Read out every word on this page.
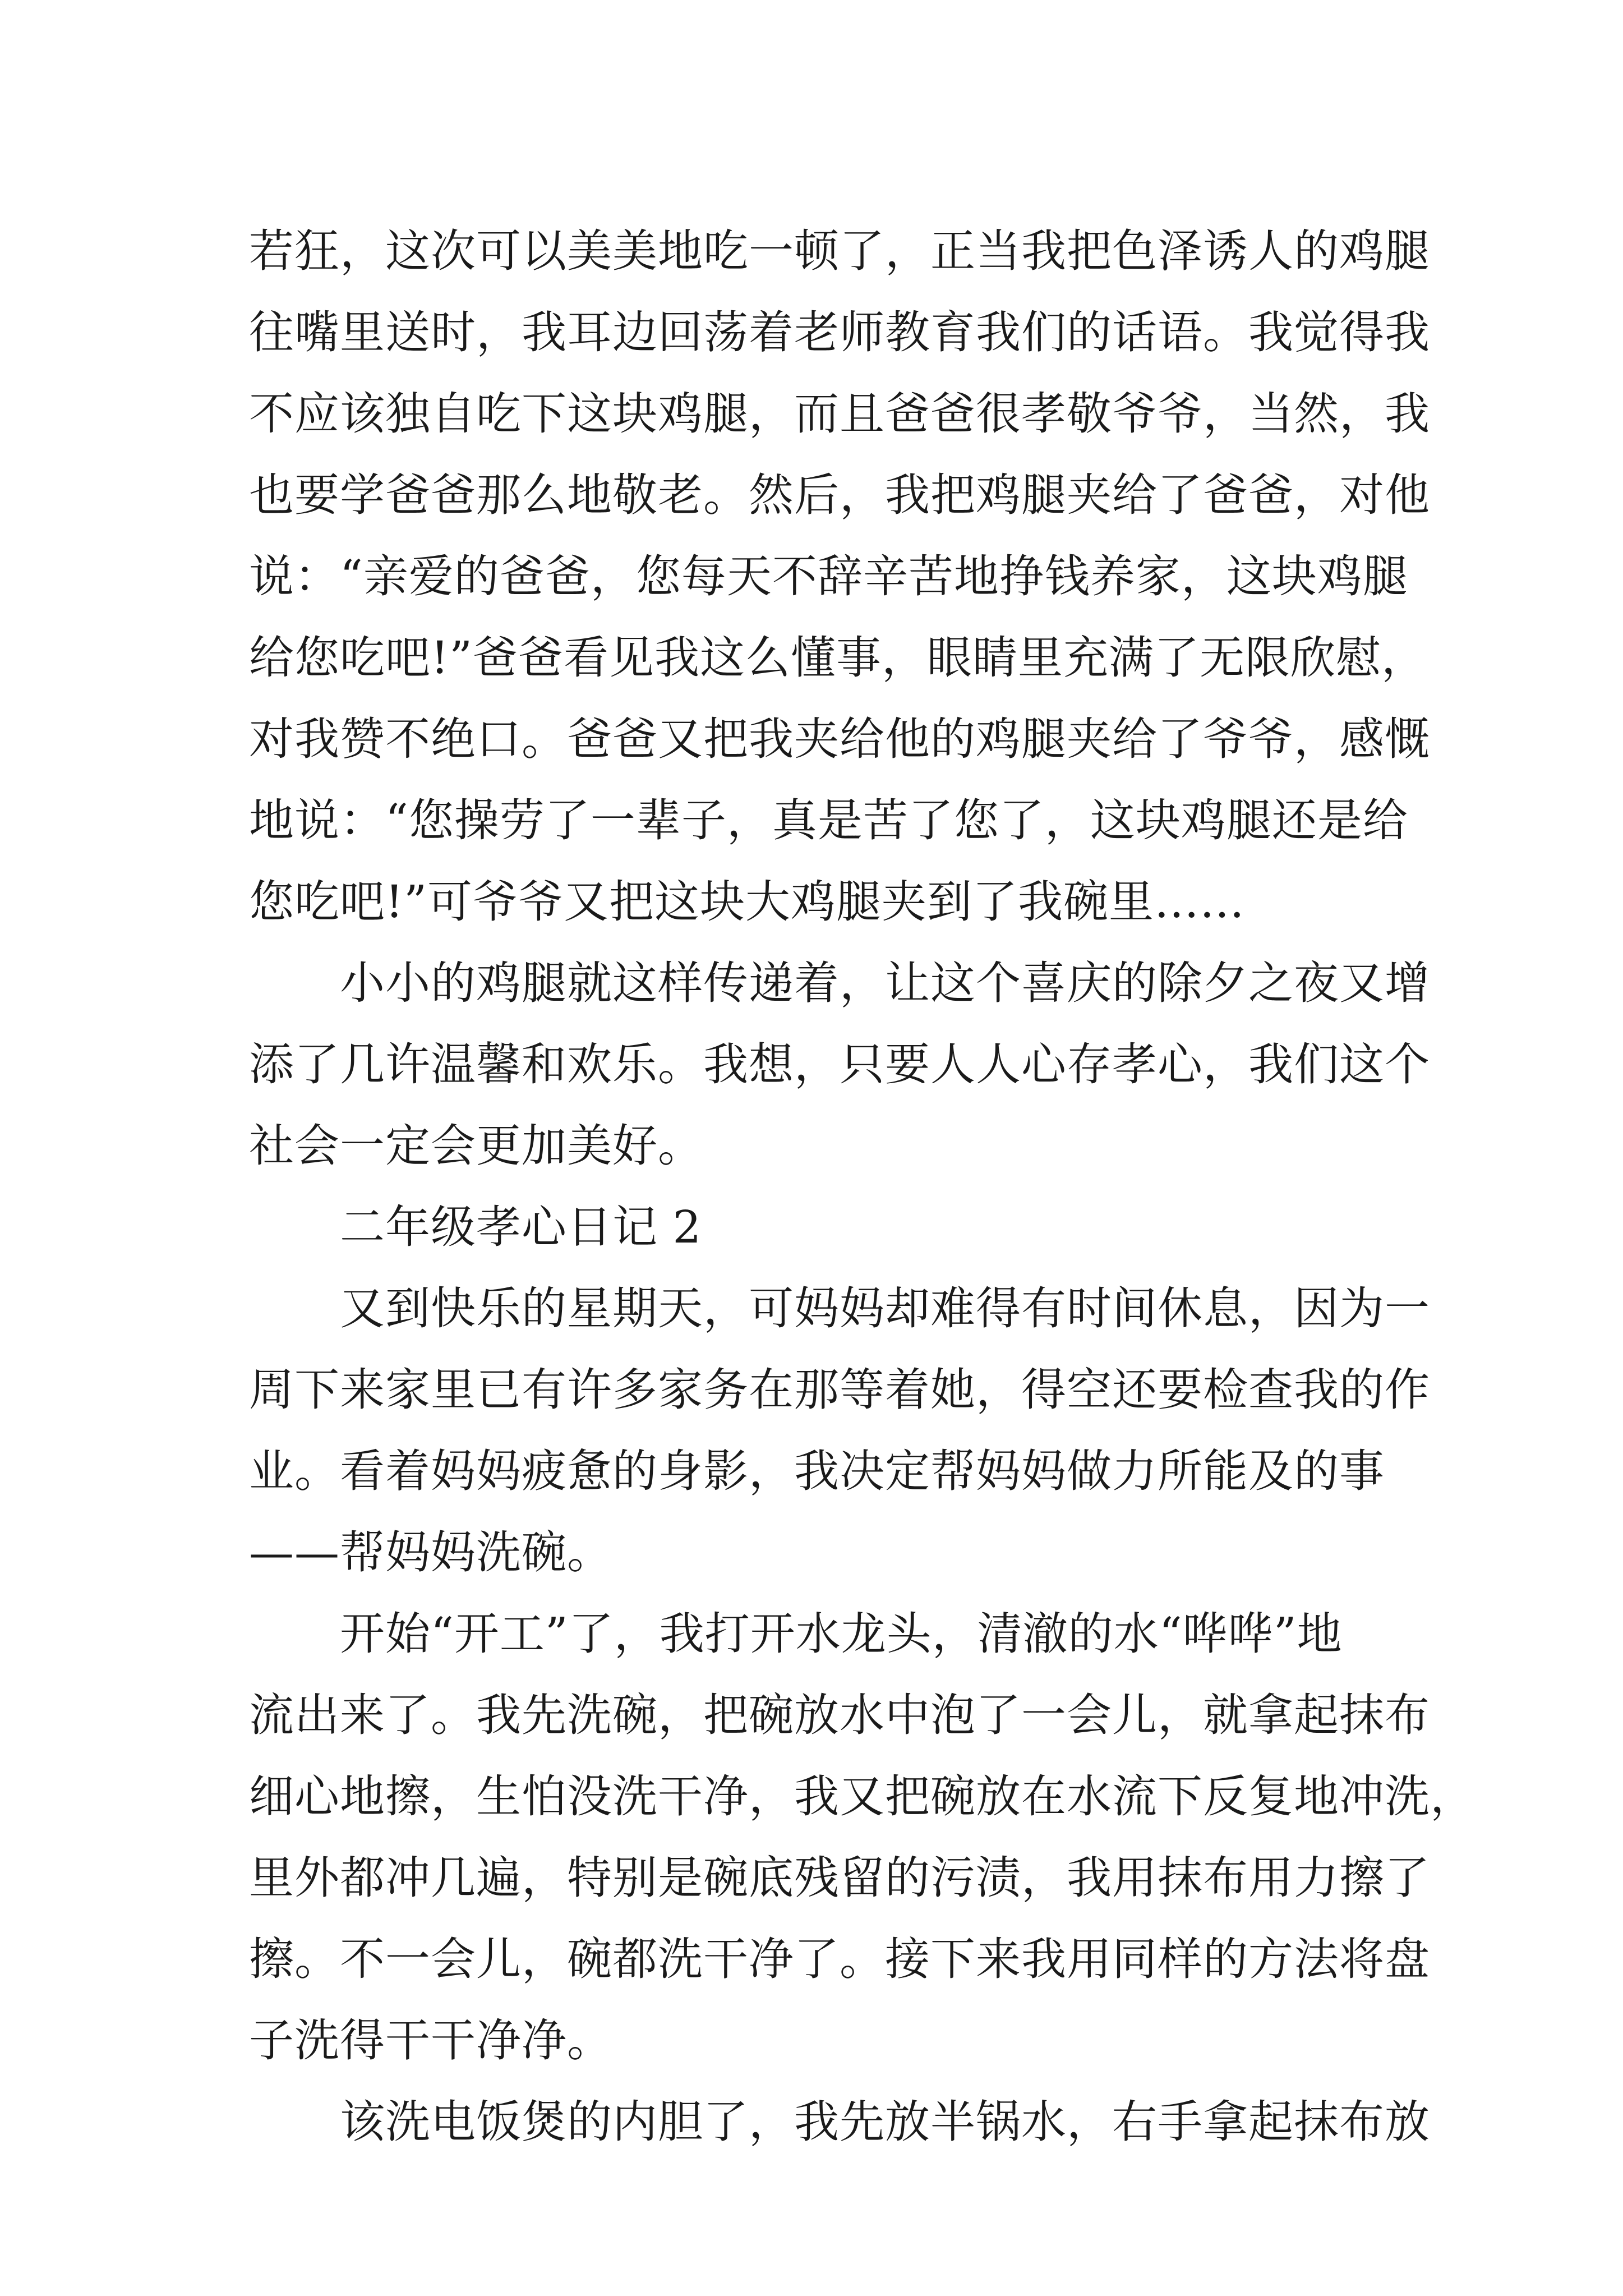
若狂，这次可以美美地吃一顿了，正当我把色泽诱人的鸡腿
往嘴里送时，我耳边回荡着老师教育我们的话语。我觉得我
不应该独自吃下这块鸡腿，而且爸爸很孝敬爷爷，当然，我
也要学爸爸那么地敬老。然后，我把鸡腿夹给了爸爸，对他
说：“亲爱的爸爸，您每天不辞辛苦地挣钱养家，这块鸡腿
给您吃吧!”爸爸看见我这么懂事，眼睛里充满了无限欣慰，
对我赞不绝口。爸爸又把我夹给他的鸡腿夹给了爷爷，感慨
地说：“您操劳了一辈子，真是苦了您了，这块鸡腿还是给
您吃吧!”可爷爷又把这块大鸡腿夹到了我碗里……

小小的鸡腿就这样传递着，让这个喜庆的除夕之夜又增
添了几许温馨和欢乐。我想，只要人人心存孝心，我们这个
社会一定会更加美好。

二年级孝心日记 2

又到快乐的星期天，可妈妈却难得有时间休息，因为一
周下来家里已有许多家务在那等着她，得空还要检查我的作
业。看着妈妈疲惫的身影，我决定帮妈妈做力所能及的事
——帮妈妈洗碗。

开始“开工”了，我打开水龙头，清澈的水“哗哗”地
流出来了。我先洗碗，把碗放水中泡了一会儿，就拿起抹布
细心地擦，生怕没洗干净，我又把碗放在水流下反复地冲洗，
里外都冲几遍，特别是碗底残留的污渍，我用抹布用力擦了
擦。不一会儿，碗都洗干净了。接下来我用同样的方法将盘
子洗得干干净净。

该洗电饭煲的内胆了，我先放半锅水，右手拿起抹布放
